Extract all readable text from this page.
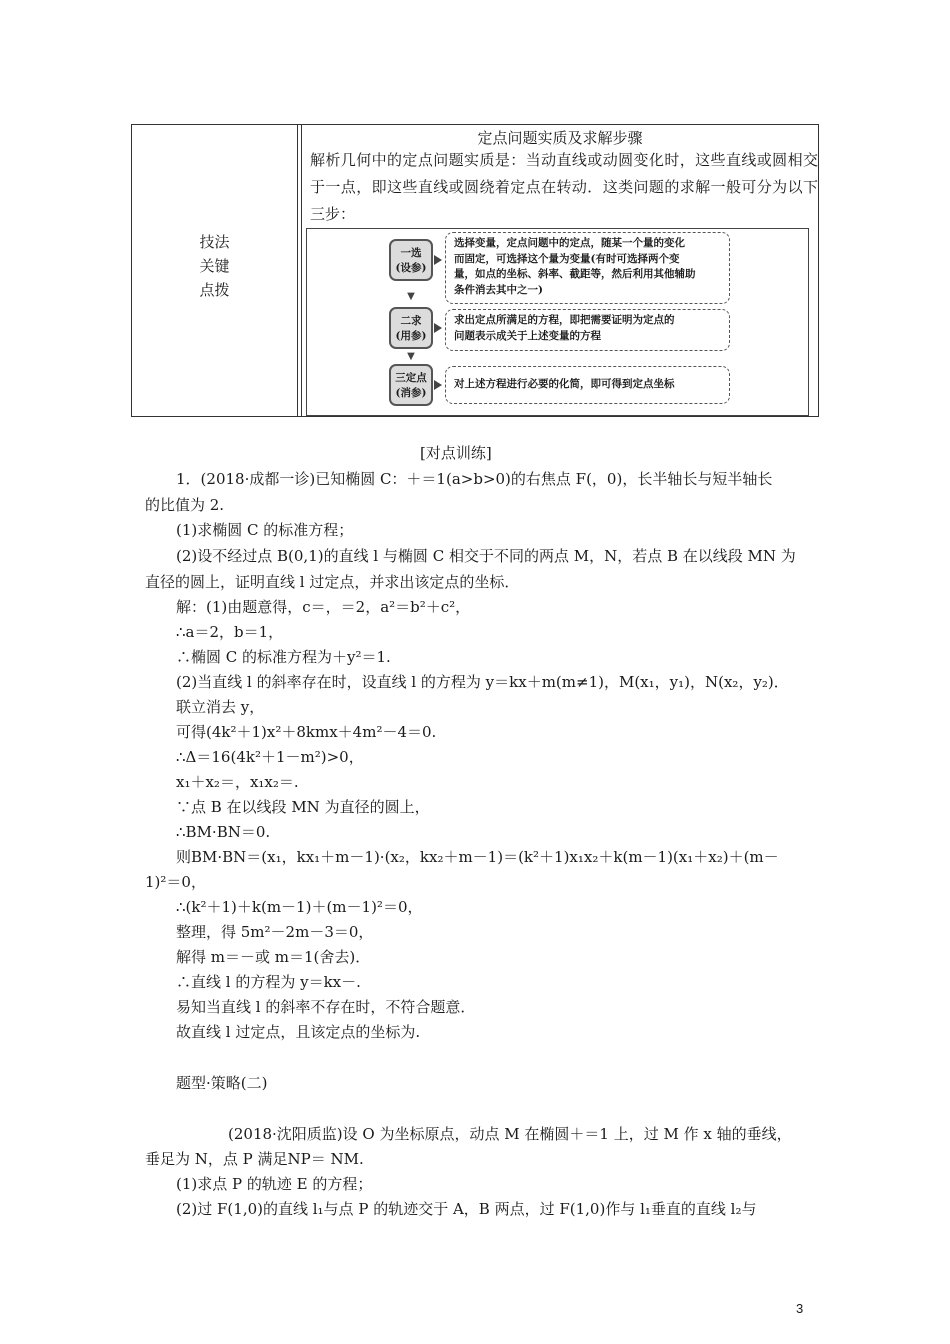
技法
关键
点拨
定点问题实质及求解步骤
解析几何中的定点问题实质是：当动直线或动圆变化时，这些直线或圆相交于一点，即这些直线或圆绕着定点在转动．这类问题的求解一般可分为以下三步：
一选
(设参)
选择变量，定点问题中的定点，随某一个量的变化
而固定，可选择这个量为变量(有时可选择两个变
量，如点的坐标、斜率、截距等，然后利用其他辅助
条件消去其中之一)
▼
二求
(用参)
求出定点所满足的方程，即把需要证明为定点的
问题表示成关于上述变量的方程
▼
三定点
(消参)
对上述方程进行必要的化简，即可得到定点坐标
[对点训练]
1．(2018·成都一诊)已知椭圆 C：＋＝1(a>b>0)的右焦点 F(，0)，长半轴长与短半轴长
的比值为 2.
(1)求椭圆 C 的标准方程；
(2)设不经过点 B(0,1)的直线 l 与椭圆 C 相交于不同的两点 M，N，若点 B 在以线段 MN 为
直径的圆上，证明直线 l 过定点，并求出该定点的坐标．
解：(1)由题意得，c＝，＝2，a²＝b²＋c²，
∴a＝2，b＝1，
∴椭圆 C 的标准方程为＋y²＝1.
(2)当直线 l 的斜率存在时，设直线 l 的方程为 y＝kx＋m(m≠1)，M(x₁，y₁)，N(x₂，y₂)．
联立消去 y，
可得(4k²＋1)x²＋8kmx＋4m²－4＝0.
∴Δ＝16(4k²＋1－m²)>0，
x₁＋x₂＝，x₁x₂＝.
∵点 B 在以线段 MN 为直径的圆上，
∴BM·BN＝0.
则BM·BN＝(x₁，kx₁＋m－1)·(x₂，kx₂＋m－1)＝(k²＋1)x₁x₂＋k(m－1)(x₁＋x₂)＋(m－
1)²＝0，
∴(k²＋1)＋k(m－1)＋(m－1)²＝0，
整理，得 5m²－2m－3＝0，
解得 m＝－或 m＝1(舍去)．
∴直线 l 的方程为 y＝kx－.
易知当直线 l 的斜率不存在时，不符合题意．
故直线 l 过定点，且该定点的坐标为.
题型·策略(二)
(2018·沈阳质监)设 O 为坐标原点，动点 M 在椭圆＋＝1 上，过 M 作 x 轴的垂线，
垂足为 N，点 P 满足NP＝ NM.
(1)求点 P 的轨迹 E 的方程；
(2)过 F(1,0)的直线 l₁与点 P 的轨迹交于 A，B 两点，过 F(1,0)作与 l₁垂直的直线 l₂与
3
